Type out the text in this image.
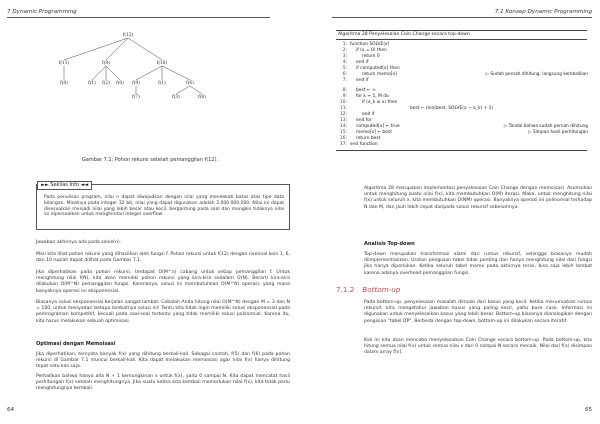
7 Dynamic Programming
f(12)
f(11)	f(9)	f(10)
f(8)	f(1) f(2) f(0) f(9)	f(1)	f(6)
f(7)	f(3)	f(8)
Gambar 7.1: Pohon rekursi setelah pemanggilan f(12).
►► Sekilas Info ◄◄
Pada penulisan program, nilai n dapat diwajudkan dengan nilai yang mendekati batas atas tipe data bilangan. Misalnya pada integer 32 bit, nilai yang dapat digunakan adalah 2.000.000.000. Nilai ini dapat disesuaikan menjadi nilai yang lebih besar atau kecil, bergantung pada soal dan mungkin tidaknya nilai ini dipersoalkan untuk menghindari integer overflow.
Jawaban akhirnya ada pada solve(n).
Mari kita lihat pohon rekursi yang dihasilkan oleh fungsi f. Pohon rekursi untuk f(12) dengan nominal koin 1, 6, dan 10 rupiah dapat dilihat pada Gambar 7.1.
Jika diperhatikan pada pohon rekursi, terdapat O(M^n) cabang untuk setiap pemanggilan f. Untuk menghitung nilai f(N), kita akan memiliki pohon rekursi yang kira-kira sedalam O(N). Berarti kira-kira dilakukan O(M^N) pemanggilan fungsi. Karenanya, solusi ini membutuhkan O(M^N) operasi, yang mana banyaknya operasi ini eksponensial.
Biasanya solusi eksponensial berjalan sangat lambat. Cobalah Anda hitung nilai O(M^N) dengan M = 3 dan N = 100, untuk menyadari betapa lambatnya solusi ini! Tentu kita tidak ingin memiliki solusi eksponensial pada pemrograman kompetitif, kecuali pada soal-soal tertentu yang tidak memiliki solusi polinomial. Karena itu, kita harus melakukan sebuah optimisasi.
Optimasi dengan Memoisasi
Jika diperhatikan, ternyata banyak f(x) yang dihitung berkali-kali. Sebagai contoh, f(5) dan f(6) pada pohon rekursi di Gambar 7.1 muncul berkali-kali. Kita dapat melakukan memoisasi agar nilai f(x) hanya dihitung tepat satu kali saja.
Perhatikan bahwa hanya ada N + 1 kemungkinan x untuk f(x), yaitu 0 sampai N. Kita dapat mencatat hasil perhitungan f(x) setelah menghitungnya. Jika suatu ketika kita kembali memerlukan nilai f(x), kita tidak perlu menghitungnya kembali.
64
7.1 Konsep Dynamic Programming
Algoritma 28 Penyelesaian Coin Change secara top-down.
1: function SOLVE(x)
2: if (x = 0) then
3:	return 0
4: end if
5: if computed[x] then
6:	return memo[x]	▷ Sudah pernah dihitung, langsung kembalikan
7: end if
8: best ← ∞
9: for k ← 1, M do
10:	if (a_k ≤ x) then
11:	best ← min(best, SOLVE(x − a_k) + 1)
12:	end if
13: end for
14: computed[x] ← true	▷ Tandai bahwa sudah pernah dihitung
15: memo[x] ← best	▷ Simpan hasil perhitungan
16: return best
17: end function
Algoritma 28 merupakan implementasi penyelesaian Coin Change dengan memoisasi. Asumsikan untuk menghitung suatu nilai f(x), kita membutuhkan O(M) iterasi. Maka, untuk menghitung nilai f(x) untuk seluruh x, kita membutuhkan O(NM) operasi. Banyaknya operasi ini polinomial terhadap N dan M, dan jauh lebih cepat daripada solusi rekursif sebelumnya.
Analisis Top-down
Top-down merupakan transformasi alami dari rumus rekursif, sehingga biasanya mudah diimplementasikan. Urutan pengisian tabel tidak penting dan hanya menghitung nilai dari fungsi jika hanya diperlukan. Ketika seluruh tabel memo pada akhirnya terisi, bisa saja lebih lambat karena adanya overhead pemanggilan fungsi.
7.1.2 Bottom-up
Pada bottom-up, penyelesaian masalah dimulai dari kasus yang kecil. Ketika merumuskan rumus rekursif, kita mengetahui jawaban kasus yang paling kecil, yaitu base case. Informasi ini digunakan untuk menyelesaikan kasus yang lebih besar. Bottom-up biasanya dianalogikan dengan pengisian "tabel DP". Berbeda dengan top-down, bottom-up ini dilakukan secara iteratif.
Kali ini kita akan mencoba menyelesaikan Coin Change secara bottom-up. Pada bottom-up, kita hitung semua nilai f(x) untuk semua nilai x dari 0 sampai N secara menaik. Nilai dari f(x) disimpan dalam array f[x].
65
